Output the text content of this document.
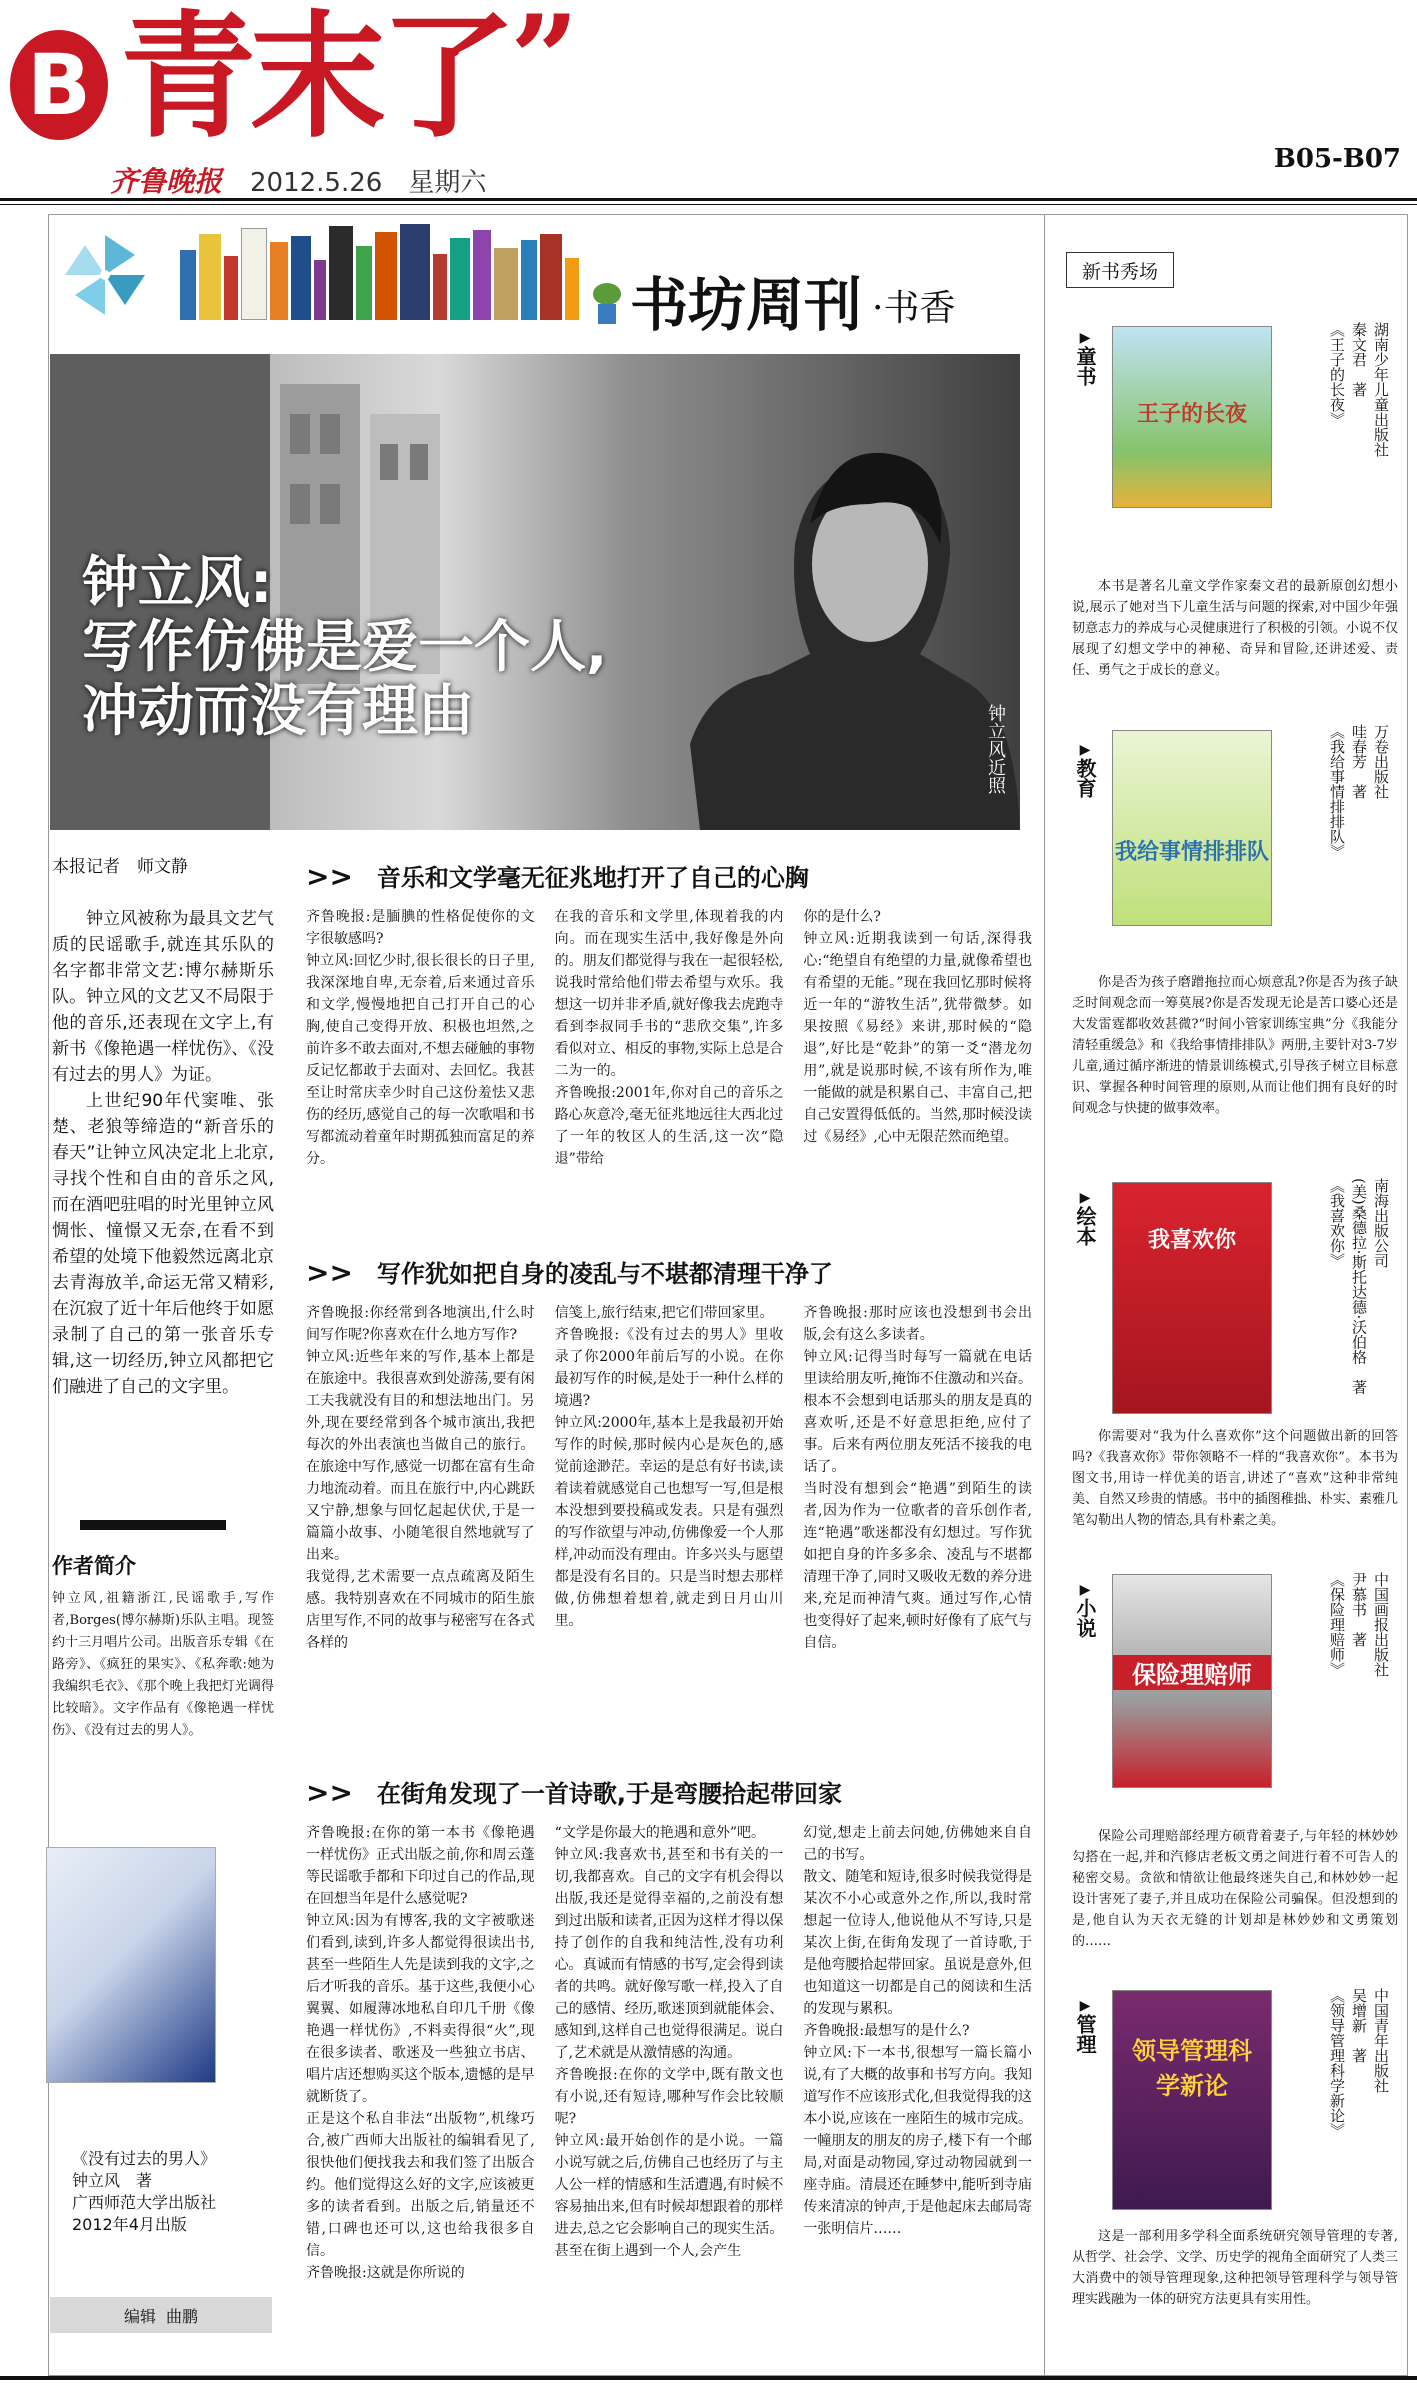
B 青末了 ”
齐鲁晚报 2012.5.26　 星期六
B05-B07
书坊周刊 ·书香
钟立风:
写作仿佛是爱一个人,
冲动而没有理由	钟立风近照
本报记者　师文静

钟立风被称为最具文艺气质的民谣歌手,就连其乐队的名字都非常文艺:博尔赫斯乐队。钟立风的文艺又不局限于他的音乐,还表现在文字上,有新书《像艳遇一样忧伤》、《没有过去的男人》为证。

上世纪90年代窦唯、张楚、老狼等缔造的“新音乐的春天”让钟立风决定北上北京,寻找个性和自由的音乐之风,而在酒吧驻唱的时光里钟立风惆怅、憧憬又无奈,在看不到希望的处境下他毅然远离北京去青海放羊,命运无常又精彩,在沉寂了近十年后他终于如愿录制了自己的第一张音乐专辑,这一切经历,钟立风都把它们融进了自己的文字里。

作者简介
钟立风,祖籍浙江,民谣歌手,写作者,Borges(博尔赫斯)乐队主唱。现签约十三月唱片公司。出版音乐专辑《在路旁》、《疯狂的果实》、《私奔歌:她为我编织毛衣》、《那个晚上我把灯光调得比较暗》。文字作品有《像艳遇一样忧伤》、《没有过去的男人》。
《没有过去的男人》
钟立风　著
广西师范大学出版社
2012年4月出版
编辑 曲鹏
>>　 音乐和文学毫无征兆地打开了自己的心胸
齐鲁晚报:是腼腆的性格促使你的文字很敏感吗?
钟立风:回忆少时,很长很长的日子里,我深深地自卑,无奈着,后来通过音乐和文学,慢慢地把自己打开自己的心胸,使自己变得开放、积极也坦然,之前许多不敢去面对,不想去碰触的事物反记忆都敢于去面对、去回忆。我甚至让时常庆幸少时自己这份羞怯又悲伤的经历,感觉自己的每一次歌唱和书写都流动着童年时期孤独而富足的养分。
在我的音乐和文学里,体现着我的内向。而在现实生活中,我好像是外向的。朋友们都觉得与我在一起很轻松,说我时常给他们带去希望与欢乐。我想这一切并非矛盾,就好像我去虎跑寺看到李叔同手书的“悲欣交集”,许多看似对立、相反的事物,实际上总是合二为一的。
齐鲁晚报:2001年,你对自己的音乐之路心灰意冷,毫无征兆地远往大西北过了一年的牧区人的生活,这一次“隐退”带给
你的是什么?
钟立风:近期我读到一句话,深得我心:“绝望自有绝望的力量,就像希望也有希望的无能。”现在我回忆那时候将近一年的“游牧生活”,犹带微梦。如果按照《易经》来讲,那时候的“隐退”,好比是“乾卦”的第一爻“潜龙勿用”,就是说那时候,不该有所作为,唯一能做的就是积累自己、丰富自己,把自己安置得低低的。当然,那时候没读过《易经》,心中无限茫然而绝望。
>>　 写作犹如把自身的凌乱与不堪都清理干净了
齐鲁晚报:你经常到各地演出,什么时间写作呢?你喜欢在什么地方写作?
钟立风:近些年来的写作,基本上都是在旅途中。我很喜欢到处游荡,要有闲工夫我就没有目的和想法地出门。另外,现在要经常到各个城市演出,我把每次的外出表演也当做自己的旅行。在旅途中写作,感觉一切都在富有生命力地流动着。而且在旅行中,内心跳跃又宁静,想象与回忆起起伏伏,于是一篇篇小故事、小随笔很自然地就写了出来。
我觉得,艺术需要一点点疏离及陌生感。我特别喜欢在不同城市的陌生旅店里写作,不同的故事与秘密写在各式各样的
信笺上,旅行结束,把它们带回家里。
齐鲁晚报:《没有过去的男人》里收录了你2000年前后写的小说。在你最初写作的时候,是处于一种什么样的境遇?
钟立风:2000年,基本上是我最初开始写作的时候,那时候内心是灰色的,感觉前途渺茫。幸运的是总有好书读,读着读着就感觉自己也想写一写,但是根本没想到要投稿或发表。只是有强烈的写作欲望与冲动,仿佛像爱一个人那样,冲动而没有理由。许多兴头与愿望都是没有名目的。只是当时想去那样做,仿佛想着想着,就走到日月山川里。
齐鲁晚报:那时应该也没想到书会出版,会有这么多读者。
钟立风:记得当时每写一篇就在电话里读给朋友听,掩饰不住激动和兴奋。根本不会想到电话那头的朋友是真的喜欢听,还是不好意思拒绝,应付了事。后来有两位朋友死活不接我的电话了。
当时没有想到会“艳遇”到陌生的读者,因为作为一位歌者的音乐创作者,连“艳遇”歌迷都没有幻想过。写作犹如把自身的许多多余、凌乱与不堪都清理干净了,同时又吸收无数的养分进来,充足而神清气爽。通过写作,心情也变得好了起来,顿时好像有了底气与自信。
>>　 在街角发现了一首诗歌,于是弯腰拾起带回家
齐鲁晚报:在你的第一本书《像艳遇一样忧伤》正式出版之前,你和周云蓬等民谣歌手都和下印过自己的作品,现在回想当年是什么感觉呢?
钟立风:因为有博客,我的文字被歌迷们看到,读到,许多人都觉得很读出书,甚至一些陌生人先是读到我的文字,之后才听我的音乐。基于这些,我便小心翼翼、如履薄冰地私自印几千册《像艳遇一样忧伤》,不料卖得很“火”,现在很多读者、歌迷及一些独立书店、唱片店还想购买这个版本,遗憾的是早就断货了。
正是这个私自非法“出版物”,机缘巧合,被广西师大出版社的编辑看见了,很快他们便找我去和我们签了出版合约。他们觉得这么好的文字,应该被更多的读者看到。出版之后,销量还不错,口碑也还可以,这也给我很多自信。
齐鲁晚报:这就是你所说的
“文学是你最大的艳遇和意外”吧。
钟立风:我喜欢书,甚至和书有关的一切,我都喜欢。自己的文字有机会得以出版,我还是觉得幸福的,之前没有想到过出版和读者,正因为这样才得以保持了创作的自我和纯洁性,没有功利心。真诚而有情感的书写,定会得到读者的共鸣。就好像写歌一样,投入了自己的感情、经历,歌迷顶到就能体会、感知到,这样自己也觉得很满足。说白了,艺术就是从激情感的沟通。
齐鲁晚报:在你的文学中,既有散文也有小说,还有短诗,哪种写作会比较顺呢?
钟立风:最开始创作的是小说。一篇小说写就之后,仿佛自己也经历了与主人公一样的情感和生活遭遇,有时候不容易抽出来,但有时候却想跟着的那样进去,总之它会影响自己的现实生活。甚至在街上遇到一个人,会产生
幻觉,想走上前去问她,仿佛她来自自己的书写。
散文、随笔和短诗,很多时候我觉得是某次不小心或意外之作,所以,我时常想起一位诗人,他说他从不写诗,只是某次上街,在街角发现了一首诗歌,于是他弯腰拾起带回家。虽说是意外,但也知道这一切都是自己的阅读和生活的发现与累积。
齐鲁晚报:最想写的是什么?
钟立风:下一本书,很想写一篇长篇小说,有了大概的故事和书写方向。我知道写作不应该形式化,但我觉得我的这本小说,应该在一座陌生的城市完成。一幢朋友的朋友的房子,楼下有一个邮局,对面是动物园,穿过动物园就到一座寺庙。清晨还在睡梦中,能听到寺庙传来清凉的钟声,于是他起床去邮局寄一张明信片……
新书秀场
▶童书
王子的长夜	湖南少年儿童出版社
秦文君　著
《王子的长夜》
本书是著名儿童文学作家秦文君的最新原创幻想小说,展示了她对当下儿童生活与问题的探索,对中国少年强韧意志力的养成与心灵健康进行了积极的引领。小说不仅展现了幻想文学中的神秘、奇异和冒险,还讲述爱、责任、勇气之于成长的意义。
▶教育
我给事情排排队
万卷出版社
哇春芳　著
《我给事情排排队》
你是否为孩子磨蹭拖拉而心烦意乱?你是否为孩子缺乏时间观念而一筹莫展?你是否发现无论是苦口婆心还是大发雷霆都收效甚微?“时间小管家训练宝典”分《我能分清轻重缓急》和《我给事情排排队》两册,主要针对3-7岁儿童,通过循序渐进的情景训练模式,引导孩子树立目标意识、掌握各种时间管理的原则,从而让他们拥有良好的时间观念与快捷的做事效率。
▶绘本	我喜欢你	南海出版公司
(美)桑德拉·斯托达德·沃伯格　著
《我喜欢你》
你需要对“我为什么喜欢你”这个问题做出新的回答吗?《我喜欢你》带你领略不一样的“我喜欢你”。本书为图文书,用诗一样优美的语言,讲述了“喜欢”这种非常纯美、自然又珍贵的情感。书中的插图稚拙、朴实、素雅几笔勾勒出人物的情态,具有朴素之美。
▶小说
保险理赔师	中国画报出版社
尹慕书　著
《保险理赔师》
保险公司理赔部经理方硕背着妻子,与年轻的林妙妙勾搭在一起,并和汽修店老板文勇之间进行着不可告人的秘密交易。贪欲和情欲让他最终迷失自己,和林妙妙一起设计害死了妻子,并且成功在保险公司骗保。但没想到的是,他自认为天衣无缝的计划却是林妙妙和文勇策划的……
▶管理	领导管理科学新论	中国青年出版社
吴增新　著
《领导管理科学新论》
这是一部利用多学科全面系统研究领导管理的专著,从哲学、社会学、文学、历史学的视角全面研究了人类三大消费中的领导管理现象,这种把领导管理科学与领导管理实践融为一体的研究方法更具有实用性。
